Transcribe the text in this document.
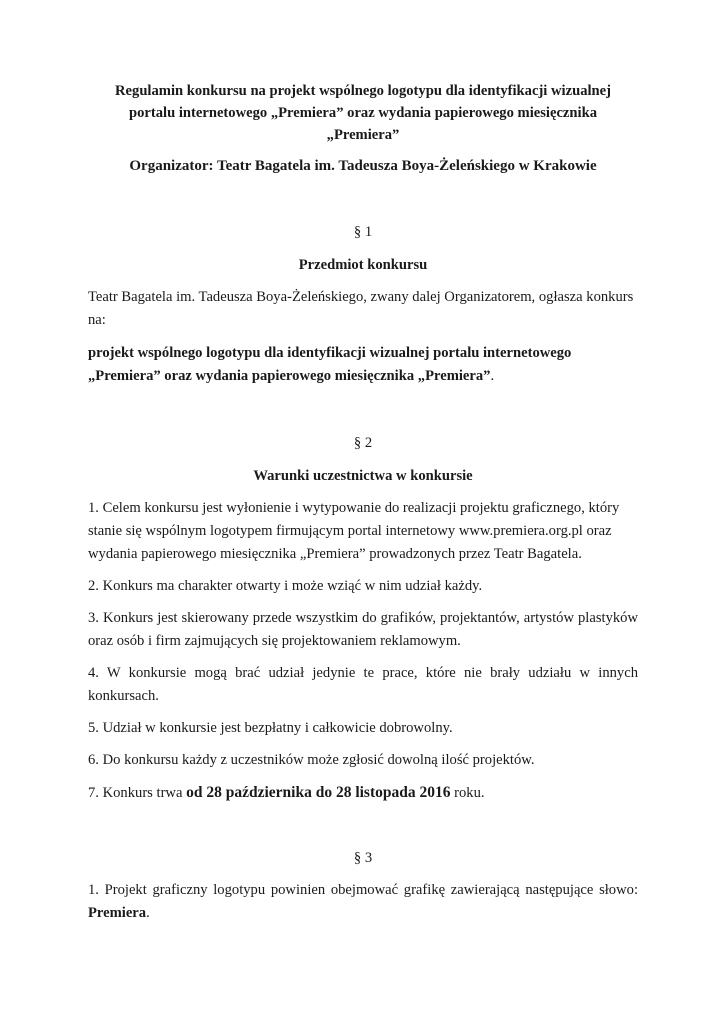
Regulamin konkursu na projekt wspólnego logotypu dla identyfikacji wizualnej
portalu internetowego „Premiera” oraz wydania papierowego miesięcznika
„Premiera”

Organizator: Teatr Bagatela im. Tadeusza Boya-Żeleńskiego w Krakowie

§ 1

Przedmiot konkursu

Teatr Bagatela im. Tadeusza Boya-Żeleńskiego, zwany dalej Organizatorem, ogłasza konkurs na:

projekt wspólnego logotypu dla identyfikacji wizualnej portalu internetowego „Premiera” oraz wydania papierowego miesięcznika „Premiera”.

§ 2

Warunki uczestnictwa w konkursie

1. Celem konkursu jest wyłonienie i wytypowanie do realizacji projektu graficznego, który stanie się wspólnym logotypem firmującym portal internetowy www.premiera.org.pl oraz wydania papierowego miesięcznika „Premiera” prowadzonych przez Teatr Bagatela.

2. Konkurs ma charakter otwarty i może wziąć w nim udział każdy.

3. Konkurs jest skierowany przede wszystkim do grafików, projektantów, artystów plastyków oraz osób i firm zajmujących się projektowaniem reklamowym.

4. W konkursie mogą brać udział jedynie te prace, które nie brały udziału w innych konkursach.

5. Udział w konkursie jest bezpłatny i całkowicie dobrowolny.

6. Do konkursu każdy z uczestników może zgłosić dowolną ilość projektów.

7. Konkurs trwa od 28 października do 28 listopada 2016 roku.

§ 3

1. Projekt graficzny logotypu powinien obejmować grafikę zawierającą następujące słowo: Premiera.
